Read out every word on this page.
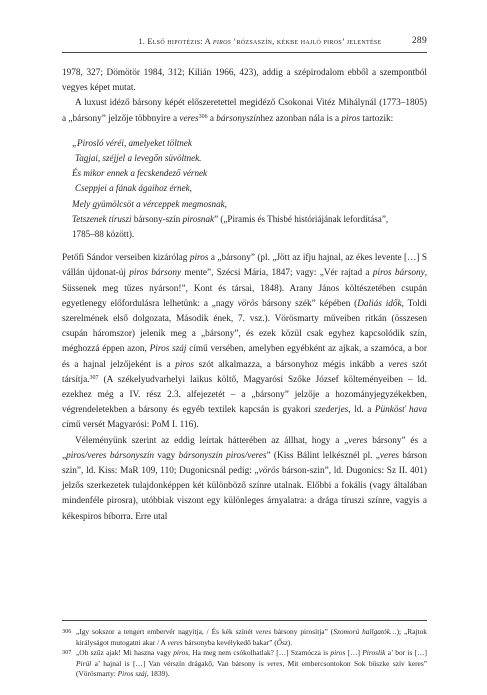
1. Első hipotézis: A piros ‘rózsaszín, kékbe hajló piros’ jelentése	289

1978, 327; Dömötör 1984, 312; Kilián 1966, 423), addig a szépirodalom ebből a szempontból vegyes képet mutat.

A luxust idéző bársony képét előszeretettel megidéző Csokonai Vitéz Mihálynál (1773–1805) a „bársony” jelzője többnyire a veres$^{306}$ a bársonyszínhez azonban nála is a piros tartozik:

„Pirosló véréi, amelyeket töltnek
Tagjai, széjjel a levegőn süvöltnek.
És mikor ennek a fecskendező vérnek
Cseppjei a fának ágaihoz érnek,
Mely gyümölcsöt a vérceppek megmosnak,
Tetszenek tíruszi bársony-szín pirosnak” („Piramis és Thisbé históriájának lefordítása”,
1785–88 között).

Petőfi Sándor verseiben kizárólag piros a „bársony” (pl. „Jött az ifju hajnal, az ékes levente […] S vállán újdonat-új piros bársony mente”, Szécsi Mária, 1847; vagy: „Vér rajtad a piros bársony, Süssenek meg tűzes nyárson!”, Kont és társai, 1848). Arany János költészetében csupán egyetlenegy előfordulásra lelhetünk: a „nagy vörös bársony szék” képében (Daliás idők, Toldi szerelmének első dolgozata, Második ének, 7. vsz.). Vörösmarty műveiben ritkán (összesen csupán háromszor) jelenik meg a „bársony”, és ezek közül csak egyhez kapcsolódik szín, méghozzá éppen azon, Piros száj című versében, amelyben egyébként az ajkak, a szamóca, a bor és a hajnal jelzőjeként is a piros szót alkalmazza, a bársonyhoz mégis inkább a veres szót társítja.$^{307}$ (A székelyudvarhelyi laikus költő, Magyarósi Szőke József költeményeiben – ld. ezekhez még a IV. rész 2.3. alfejezetét – a „bársony” jelzője a hozományjegyzékekben, végrendeletekben a bársony és egyéb textilek kapcsán is gyakori szederjes, ld. a Pünkösť hava című versét Magyarósi: PoM I. 116).

Véleményünk szerint az eddig leírtak hátterében az állhat, hogy a „veres bársony” és a „piros/veres bársonyszín vagy bársonyszín piros/veres” (Kiss Bálint lelkésznél pl. „veres bárson szin”, ld. Kiss: MaR 109, 110; Dugonicsnál pedig: „vörös bárson-szin”, ld. Dugonics: Sz II. 401) jelzős szerkezetek tulajdonképpen két különböző színre utalnak. Előbbi a fokális (vagy általában mindenféle pirosra), utóbbiak viszont egy különleges árnyalatra: a drága tíruszi színre, vagyis a kékespiros bíborra. Erre utal

306 „Igy sokszor a tengert embervér nagyítja, / És kék színét veres bársony pirosítja” (Szomorú hallgatók…); „Rajtok királyságot mutogatni akar / A veres bársonyba kevélykedő bakar” (Ősz).
307 „Oh szűz ajak! Mi haszna vagy piros, Ha meg nem csókolhatlak? […] Szamócza is piros […] Piroslik a’ bor is […] Pirúl a’ hajnal is […] Van vérszín drágakő, Van bársony is veres, Mit embercsontokon Sok büszke szív keres” (Vörösmarty: Piros száj, 1839).
